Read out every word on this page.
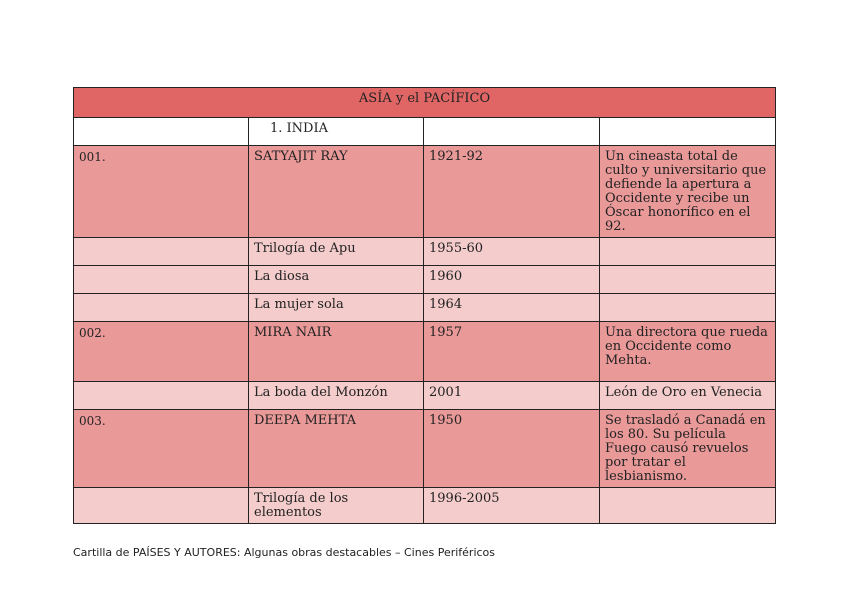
ASÍA y el PACÍFICO			
	1. INDIA		
001.	SATYAJIT RAY	1921-92	Un cineasta total de culto y universitario que defiende la apertura a Occidente y recibe un Óscar honorífico en el 92.
	Trilogía de Apu	1955-60	
	La diosa	1960	
	La mujer sola	1964	
002.	MIRA NAIR	1957	Una directora que rueda en Occidente como Mehta.
	La boda del Monzón	2001	León de Oro en Venecia
003.	DEEPA MEHTA	1950	Se trasladó a Canadá en los 80. Su película Fuego causó revuelos por tratar el lesbianismo.
	Trilogía de los elementos	1996-2005	
Cartilla de PAÍSES Y AUTORES: Algunas obras destacables – Cines Periféricos
